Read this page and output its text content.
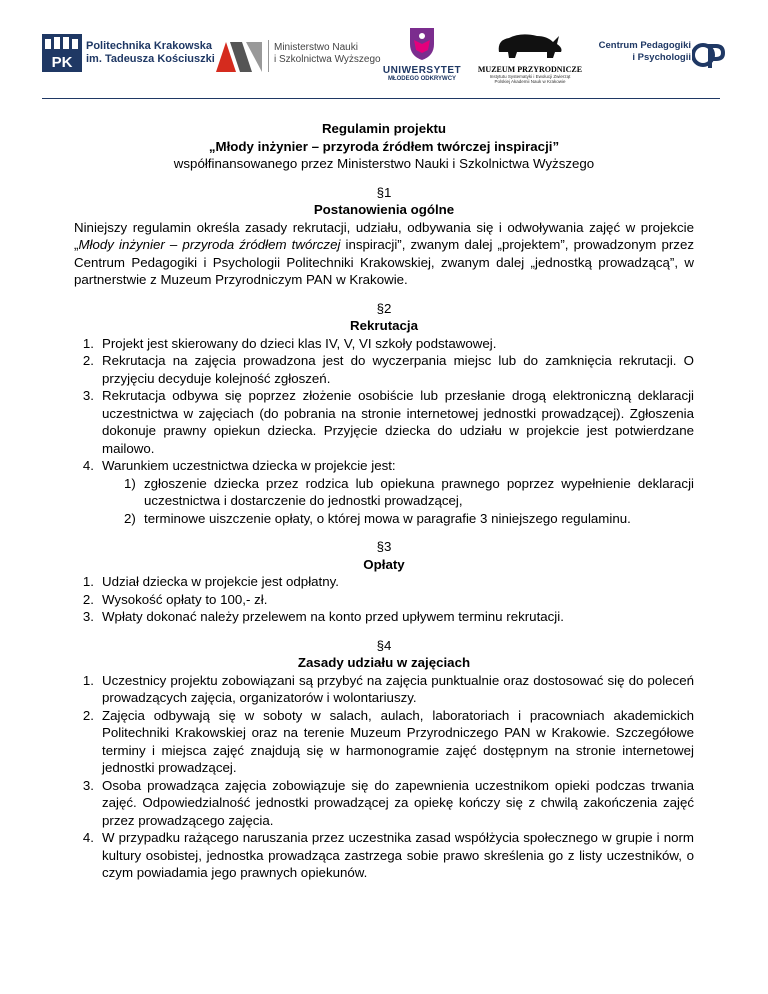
PK
Politechnika Krakowska
im. Tadeusza Kościuszki
Ministerstwo Nauki
i Szkolnictwa Wyższego
UNIWERSYTET
MŁODEGO ODKRYWCY
MUZEUM PRZYRODNICZE
Instytutu Systematyki i Ewolucji Zwierząt
Polskiej Akademii Nauk w Krakowie
Centrum Pedagogiki
i Psychologii
Regulamin projektu
„Młody inżynier – przyroda źródłem twórczej inspiracji”
współfinansowanego przez Ministerstwo Nauki i Szkolnictwa Wyższego
§1
Postanowienia ogólne
Niniejszy regulamin określa zasady rekrutacji, udziału, odbywania się i odwoływania zajęć w projekcie „Młody inżynier – przyroda źródłem twórczej inspiracji”, zwanym dalej „projektem”, prowadzonym przez Centrum Pedagogiki i Psychologii Politechniki Krakowskiej, zwanym dalej „jednostką prowadzącą”, w partnerstwie z Muzeum Przyrodniczym PAN w Krakowie.
§2
Rekrutacja
1 . Projekt jest skierowany do dzieci klas IV, V, VI szkoły podstawowej.
2 . Rekrutacja na zajęcia prowadzona jest do wyczerpania miejsc lub do zamknięcia rekrutacji. O przyjęciu decyduje kolejność zgłoszeń.
3 . Rekrutacja odbywa się poprzez złożenie osobiście lub przesłanie drogą elektroniczną deklaracji uczestnictwa w zajęciach (do pobrania na stronie internetowej jednostki prowadzącej). Zgłoszenia dokonuje prawny opiekun dziecka. Przyjęcie dziecka do udziału w projekcie jest potwierdzane mailowo.
4 . Warunkiem uczestnictwa dziecka w projekcie jest:
1 ) zgłoszenie dziecka przez rodzica lub opiekuna prawnego poprzez wypełnienie deklaracji uczestnictwa i dostarczenie do jednostki prowadzącej,
2 ) terminowe uiszczenie opłaty, o której mowa w paragrafie 3 niniejszego regulaminu.
§3
Opłaty
1 . Udział dziecka w projekcie jest odpłatny.
2 . Wysokość opłaty to 100,- zł.
3 . Wpłaty dokonać należy przelewem na konto przed upływem terminu rekrutacji.
§4
Zasady udziału w zajęciach
1 . Uczestnicy projektu zobowiązani są przybyć na zajęcia punktualnie oraz dostosować się do poleceń prowadzących zajęcia, organizatorów i wolontariuszy.
2 . Zajęcia odbywają się w soboty w salach, aulach, laboratoriach i pracowniach akademickich Politechniki Krakowskiej oraz na terenie Muzeum Przyrodniczego PAN w Krakowie. Szczegółowe terminy i miejsca zajęć znajdują się w harmonogramie zajęć dostępnym na stronie internetowej jednostki prowadzącej.
3 . Osoba prowadząca zajęcia zobowiązuje się do zapewnienia uczestnikom opieki podczas trwania zajęć. Odpowiedzialność jednostki prowadzącej za opiekę kończy się z chwilą zakończenia zajęć przez prowadzącego zajęcia.
4 . W przypadku rażącego naruszania przez uczestnika zasad współżycia społecznego w grupie i norm kultury osobistej, jednostka prowadząca zastrzega sobie prawo skreślenia go z listy uczestników, o czym powiadamia jego prawnych opiekunów.
